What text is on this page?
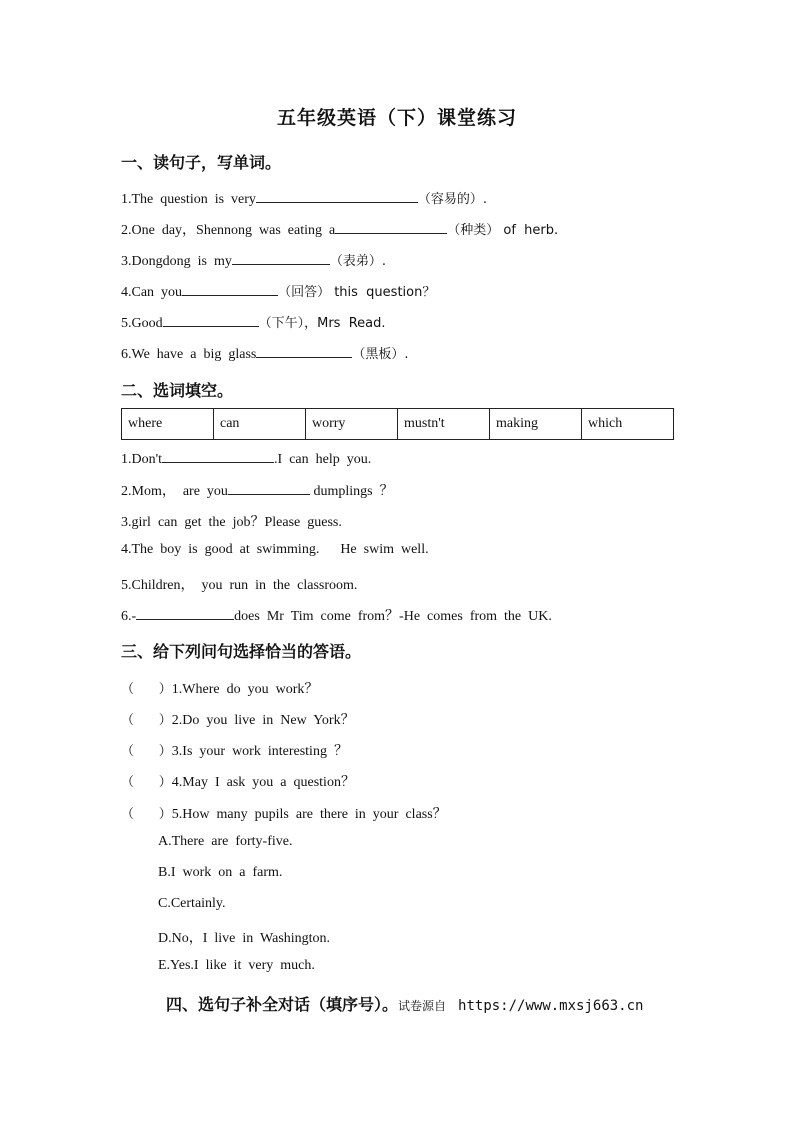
五年级英语（下）课堂练习
一、读句子，写单词。
1.The  question  is  very	（容易的）.
2.One  day，Shennong  was  eating  a	（种类） of  herb.
3.Dongdong  is  my	（表弟）.
4.Can  you	（回答） this  question？
5.Good	（下午），Mrs  Read.
6.We  have  a  big  glass	（黑板）.
二、选词填空。
where	can	worry	mustn't	making	which
1.Don't	.I  can  help  you.
2.Mom，  are  you	dumplings  ？
3.girl  can  get  the  job？Please  guess.
4.The  boy  is  good  at  swimming.      He  swim  well.
5.Children，  you  run  in  the  classroom.
6.-	does  Mr  Tim  come  from？-He  comes  from  the  UK.
三、给下列问句选择恰当的答语。
（      ）1.Where  do  you  work？
（      ）2.Do  you  live  in  New  York？
（      ）3.Is  your  work  interesting  ？
（      ）4.May  I  ask  you  a  question？
（      ）5.How  many  pupils  are  there  in  your  class？
A.There  are  forty-five.
B.I  work  on  a  farm.
C.Certainly.
D.No，I  live  in  Washington.
E.Yes.I  like  it  very  much.
四、选句子补全对话（填序号）。试卷源自 https://www.mxsj663.cn
